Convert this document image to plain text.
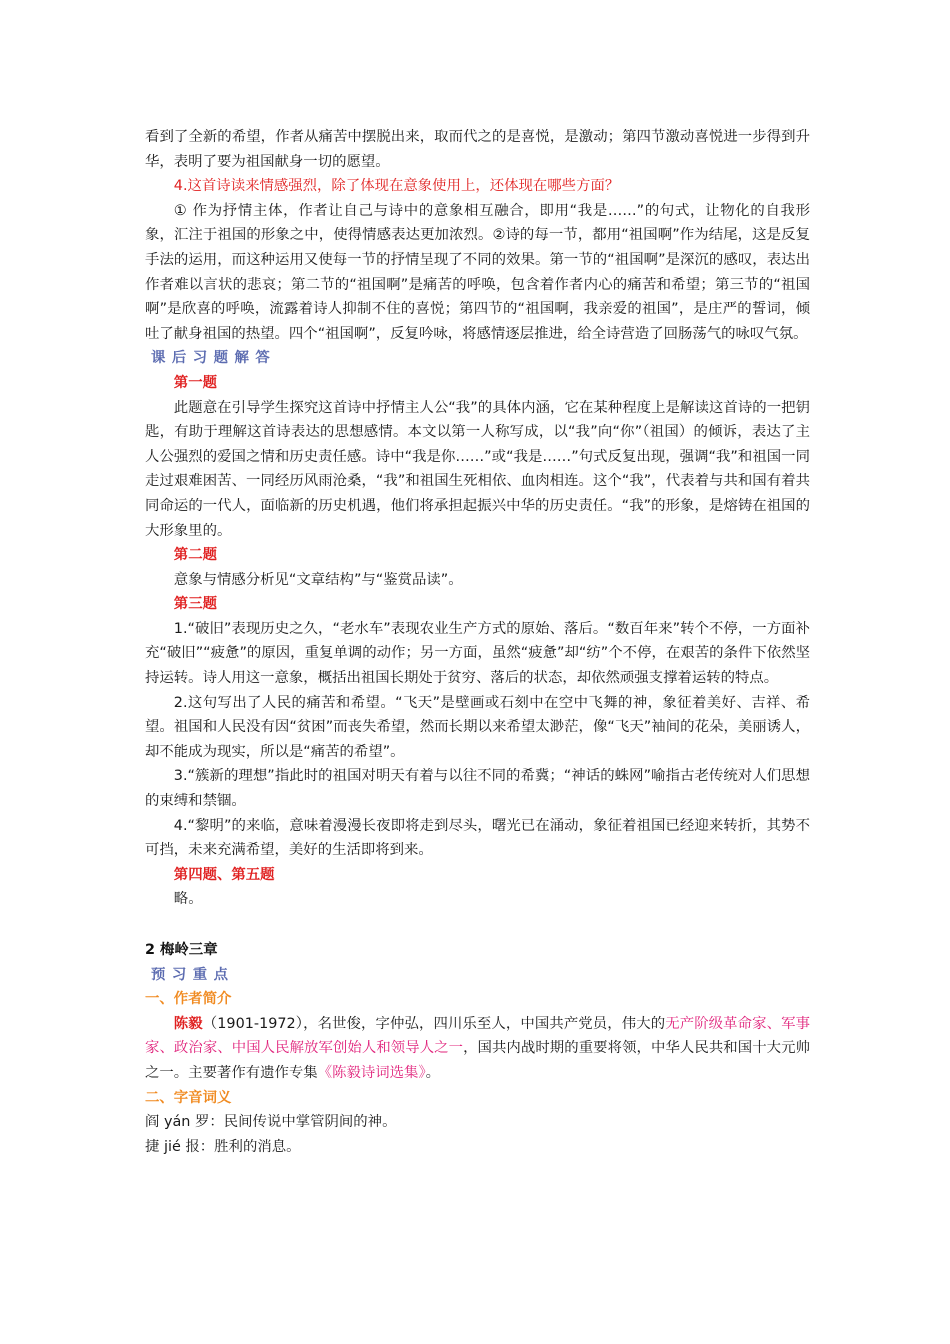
看到了全新的希望，作者从痛苦中摆脱出来，取而代之的是喜悦，是激动；第四节激动喜悦进一步得到升华，表明了要为祖国献身一切的愿望。

4.这首诗读来情感强烈，除了体现在意象使用上，还体现在哪些方面？

① 作为抒情主体，作者让自己与诗中的意象相互融合，即用“我是……”的句式，让物化的自我形象，汇注于祖国的形象之中，使得情感表达更加浓烈。②诗的每一节，都用“祖国啊”作为结尾，这是反复手法的运用，而这种运用又使每一节的抒情呈现了不同的效果。第一节的“祖国啊”是深沉的感叹，表达出作者难以言状的悲哀；第二节的“祖国啊”是痛苦的呼唤，包含着作者内心的痛苦和希望；第三节的“祖国啊”是欣喜的呼唤，流露着诗人抑制不住的喜悦；第四节的“祖国啊，我亲爱的祖国”，是庄严的誓词，倾吐了献身祖国的热望。四个“祖国啊”，反复吟咏，将感情逐层推进，给全诗营造了回肠荡气的咏叹气氛。

课后习题解答

第一题

此题意在引导学生探究这首诗中抒情主人公“我”的具体内涵，它在某种程度上是解读这首诗的一把钥匙，有助于理解这首诗表达的思想感情。本文以第一人称写成，以“我”向“你”（祖国）的倾诉，表达了主人公强烈的爱国之情和历史责任感。诗中“我是你……”或“我是……”句式反复出现，强调“我”和祖国一同走过艰难困苦、一同经历风雨沧桑，“我”和祖国生死相依、血肉相连。这个“我”，代表着与共和国有着共同命运的一代人，面临新的历史机遇，他们将承担起振兴中华的历史责任。“我”的形象，是熔铸在祖国的大形象里的。

第二题

意象与情感分析见“文章结构”与“鉴赏品读”。

第三题

1.“破旧”表现历史之久，“老水车”表现农业生产方式的原始、落后。“数百年来”转个不停，一方面补充“破旧”“疲惫”的原因，重复单调的动作；另一方面，虽然“疲惫”却“纺”个不停，在艰苦的条件下依然坚持运转。诗人用这一意象，概括出祖国长期处于贫穷、落后的状态，却依然顽强支撑着运转的特点。

2.这句写出了人民的痛苦和希望。“飞天”是壁画或石刻中在空中飞舞的神，象征着美好、吉祥、希望。祖国和人民没有因“贫困”而丧失希望，然而长期以来希望太渺茫，像“飞天”袖间的花朵，美丽诱人，却不能成为现实，所以是“痛苦的希望”。

3.“簇新的理想”指此时的祖国对明天有着与以往不同的希冀；“神话的蛛网”喻指古老传统对人们思想的束缚和禁锢。

4.“黎明”的来临，意味着漫漫长夜即将走到尽头，曙光已在涌动，象征着祖国已经迎来转折，其势不可挡，未来充满希望，美好的生活即将到来。

第四题、第五题

略。

2 梅岭三章

预习重点

一、作者简介

陈毅（1901-1972），名世俊，字仲弘，四川乐至人，中国共产党员，伟大的无产阶级革命家、军事家、政治家、中国人民解放军创始人和领导人之一，国共内战时期的重要将领，中华人民共和国十大元帅之一。主要著作有遗作专集《陈毅诗词选集》。

二、字音词义

阎 yán 罗：民间传说中掌管阴间的神。

捷 jié 报：胜利的消息。
